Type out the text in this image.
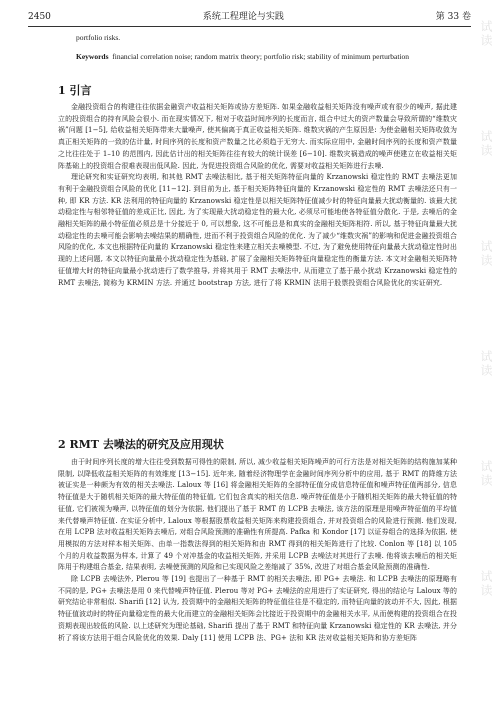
2450	系统工程理论与实践	第 33 卷
portfolio risks.
Keywords financial correlation noise; random matrix theory; portfolio risk; stability of minimum perturbation
1 引言

金融投资组合的构建往往依据金融资产收益相关矩阵或协方差矩阵. 如果金融收益相关矩阵没有噪声或有很少的噪声, 据此建立的投资组合的持有风险会很小. 而在现实情况下, 相对于收益时间序列的长度而言, 组合中过大的资产数量会导致所谓的“维数灾祸”问题 [1−5], 给收益相关矩阵带来大量噪声, 使其偏离于真正收益相关矩阵. 维数灾祸的产生原因是: 为使金融相关矩阵收敛为真正相关矩阵的一致的估计量, 时间序列的长度和资产数量之比必须趋于无穷大. 而实际应用中, 金融时间序列的长度和资产数量之比往往处于 1–10 的范围内, 因此估计出的相关矩阵往往有较大的统计误差 [6−10]. 维数灾祸造成的噪声使建立在收益相关矩阵基础上的投资组合很难表现出低风险. 因此, 为促进投资组合风险的优化, 需要对收益相关矩阵进行去噪.

理论研究和实证研究均表明, 和其他 RMT 去噪法相比, 基于相关矩阵特征向量的 Krzanowski 稳定性的 RMT 去噪法更加有利于金融投资组合风险的优化 [11−12]. 到目前为止, 基于相关矩阵特征向量的 Krzanowski 稳定性的 RMT 去噪法还只有一种, 即 KR 方法. KR 法利用的特征向量的 Krzanowski 稳定性是以相关矩阵特征值减少时的特征向量最大扰动衡量的. 该最大扰动稳定性与相邻特征值的差成正比, 因此, 为了实现最大扰动稳定性的最大化, 必须尽可能地使各特征值分散化. 于是, 去噪后的金融相关矩阵的最小特征值必须总是十分接近于 0, 可以想象, 这不可能总是和真实的金融相关矩阵相符. 所以, 基于特征向量最大扰动稳定性的去噪可能会影响去噪结果的精确性, 进而不利于投资组合风险的优化. 为了减少“维数灾祸”的影响和促进金融投资组合风险的优化, 本文也根据特征向量的 Krzanowski 稳定性来建立相关去噪模型. 不过, 为了避免使用特征向量最大扰动稳定性时出现的上述问题, 本文以特征向量最小扰动稳定性为基础, 扩展了金融相关矩阵特征向量稳定性的衡量方法. 本文对金融相关矩阵特征值增大时的特征向量最小扰动进行了数学推导, 并将其用于 RMT 去噪法中, 从而建立了基于最小扰动 Krzanowski 稳定性的 RMT 去噪法, 简称为 KRMIN 方法. 并通过 bootstrap 方法, 进行了将 KRMIN 法用于股票投资组合风险优化的实证研究.

2 RMT 去噪法的研究及应用现状

由于时间序列长度的增大往往受到数据可得性的限制, 所以, 减少收益相关矩阵噪声的可行方法是对相关矩阵的结构施加某种限制, 以降低收益相关矩阵的有效维度 [13−15]. 近年来, 随着经济物理学在金融时间序列分析中的应用, 基于 RMT 的降维方法被证实是一种颇为有效的相关去噪法. Laloux 等 [16] 将金融相关矩阵的全部特征值分成信息特征值和噪声特征值两部分, 信息特征值是大于随机相关矩阵的最大特征值的特征值, 它们包含真实的相关信息. 噪声特征值是小于随机相关矩阵的最大特征值的特征值, 它们被视为噪声, 以特征值的划分为依据, 他们提出了基于 RMT 的 LCPB 去噪法, 该方法的原理是用噪声特征值的平均值来代替噪声特征值. 在实证分析中, Laloux 等根据股票收益相关矩阵来构建投资组合, 并对投资组合的风险进行预测. 他们发现, 在用 LCPB 法对收益相关矩阵去噪后, 对组合风险预测的准确性有所提高. Pafka 和 Kondor [17] 以证券组合的选择为依据, 使用模拟的方法对样本相关矩阵、由单一指数法得到的相关矩阵和由 RMT 得到的相关矩阵进行了比较. Conlon 等 [18] 以 105 个月的月收益数据为样本, 计算了 49 个对冲基金的收益相关矩阵, 并采用 LCPB 去噪法对其进行了去噪. 他将该去噪后的相关矩阵用于构建组合基金, 结果表明, 去噪使预测的风险和已实现风险之差缩减了 35%, 改进了对组合基金风险预测的准确性.

除 LCPB 去噪法外, Plerou 等 [19] 也提出了一种基于 RMT 的相关去噪法, 即 PG+ 去噪法. 和 LCPB 去噪法的原理略有不同的是, PG+ 去噪法是用 0 来代替噪声特征值. Plerou 等对 PG+ 去噪法的应用进行了实证研究, 得出的结论与 Laloux 等的研究结论非常相似. Sharifi [12] 认为, 投资期中的金融相关矩阵的特征值往往是不稳定的, 而特征向量的波动并不大, 因此, 根据特征值波动时的特征向量稳定性的最大化而建立的金融相关矩阵会比接近于投资期中的金融相关水平, 从而使构建的投资组合在投资期表现出较低的风险. 以上述研究为理论基础, Sharifi 提出了基于 RMT 和特征向量 Krzanowski 稳定性的 KR 去噪法, 并分析了将该方法用于组合风险优化的效果. Daly [11] 使用 LCPB 法、PG+ 法和 KR 法对收益相关矩阵和协方差矩阵

试读
试读
试读
试读
试读
试读
